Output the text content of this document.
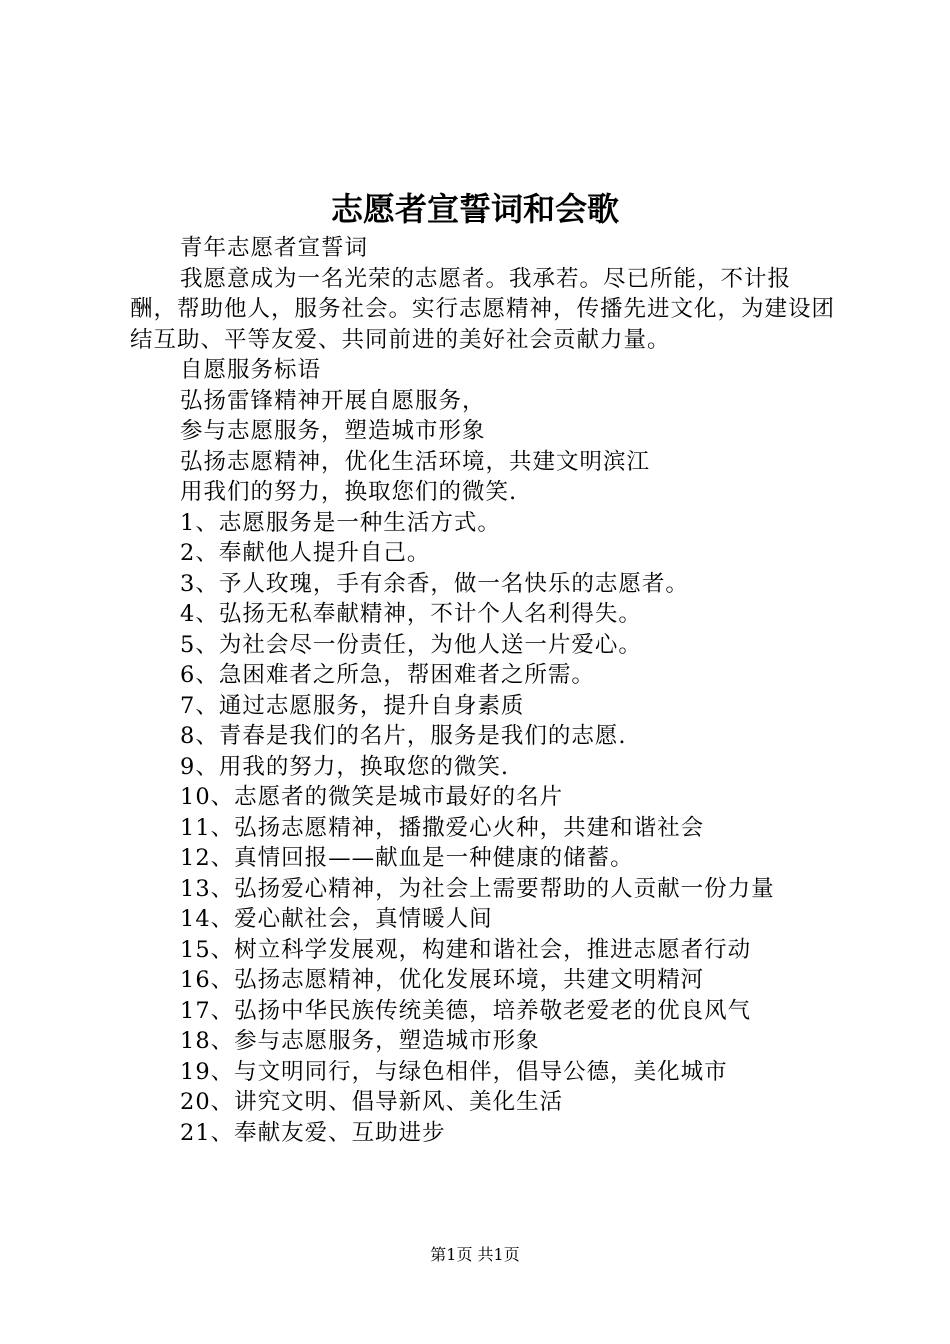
志愿者宣誓词和会歌

青年志愿者宣誓词

我愿意成为一名光荣的志愿者。我承若。尽已所能，不计报酬，帮助他人，服务社会。实行志愿精神，传播先进文化，为建设团结互助、平等友爱、共同前进的美好社会贡献力量。

自愿服务标语

弘扬雷锋精神开展自愿服务，

参与志愿服务，塑造城市形象

弘扬志愿精神，优化生活环境，共建文明滨江

用我们的努力，换取您们的微笑.

1、志愿服务是一种生活方式。

2、奉献他人提升自己。

3、予人玫瑰，手有余香，做一名快乐的志愿者。

4、弘扬无私奉献精神，不计个人名利得失。

5、为社会尽一份责任，为他人送一片爱心。

6、急困难者之所急，帮困难者之所需。

7、通过志愿服务，提升自身素质

8、青春是我们的名片，服务是我们的志愿.

9、用我的努力，换取您的微笑.

10、志愿者的微笑是城市最好的名片

11、弘扬志愿精神，播撒爱心火种，共建和谐社会

12、真情回报——献血是一种健康的储蓄。

13、弘扬爱心精神，为社会上需要帮助的人贡献一份力量

14、爱心献社会，真情暖人间

15、树立科学发展观，构建和谐社会，推进志愿者行动

16、弘扬志愿精神，优化发展环境，共建文明精河

17、弘扬中华民族传统美德，培养敬老爱老的优良风气

18、参与志愿服务，塑造城市形象

19、与文明同行，与绿色相伴，倡导公德，美化城市

20、讲究文明、倡导新风、美化生活

21、奉献友爱、互助进步

第1页 共1页
